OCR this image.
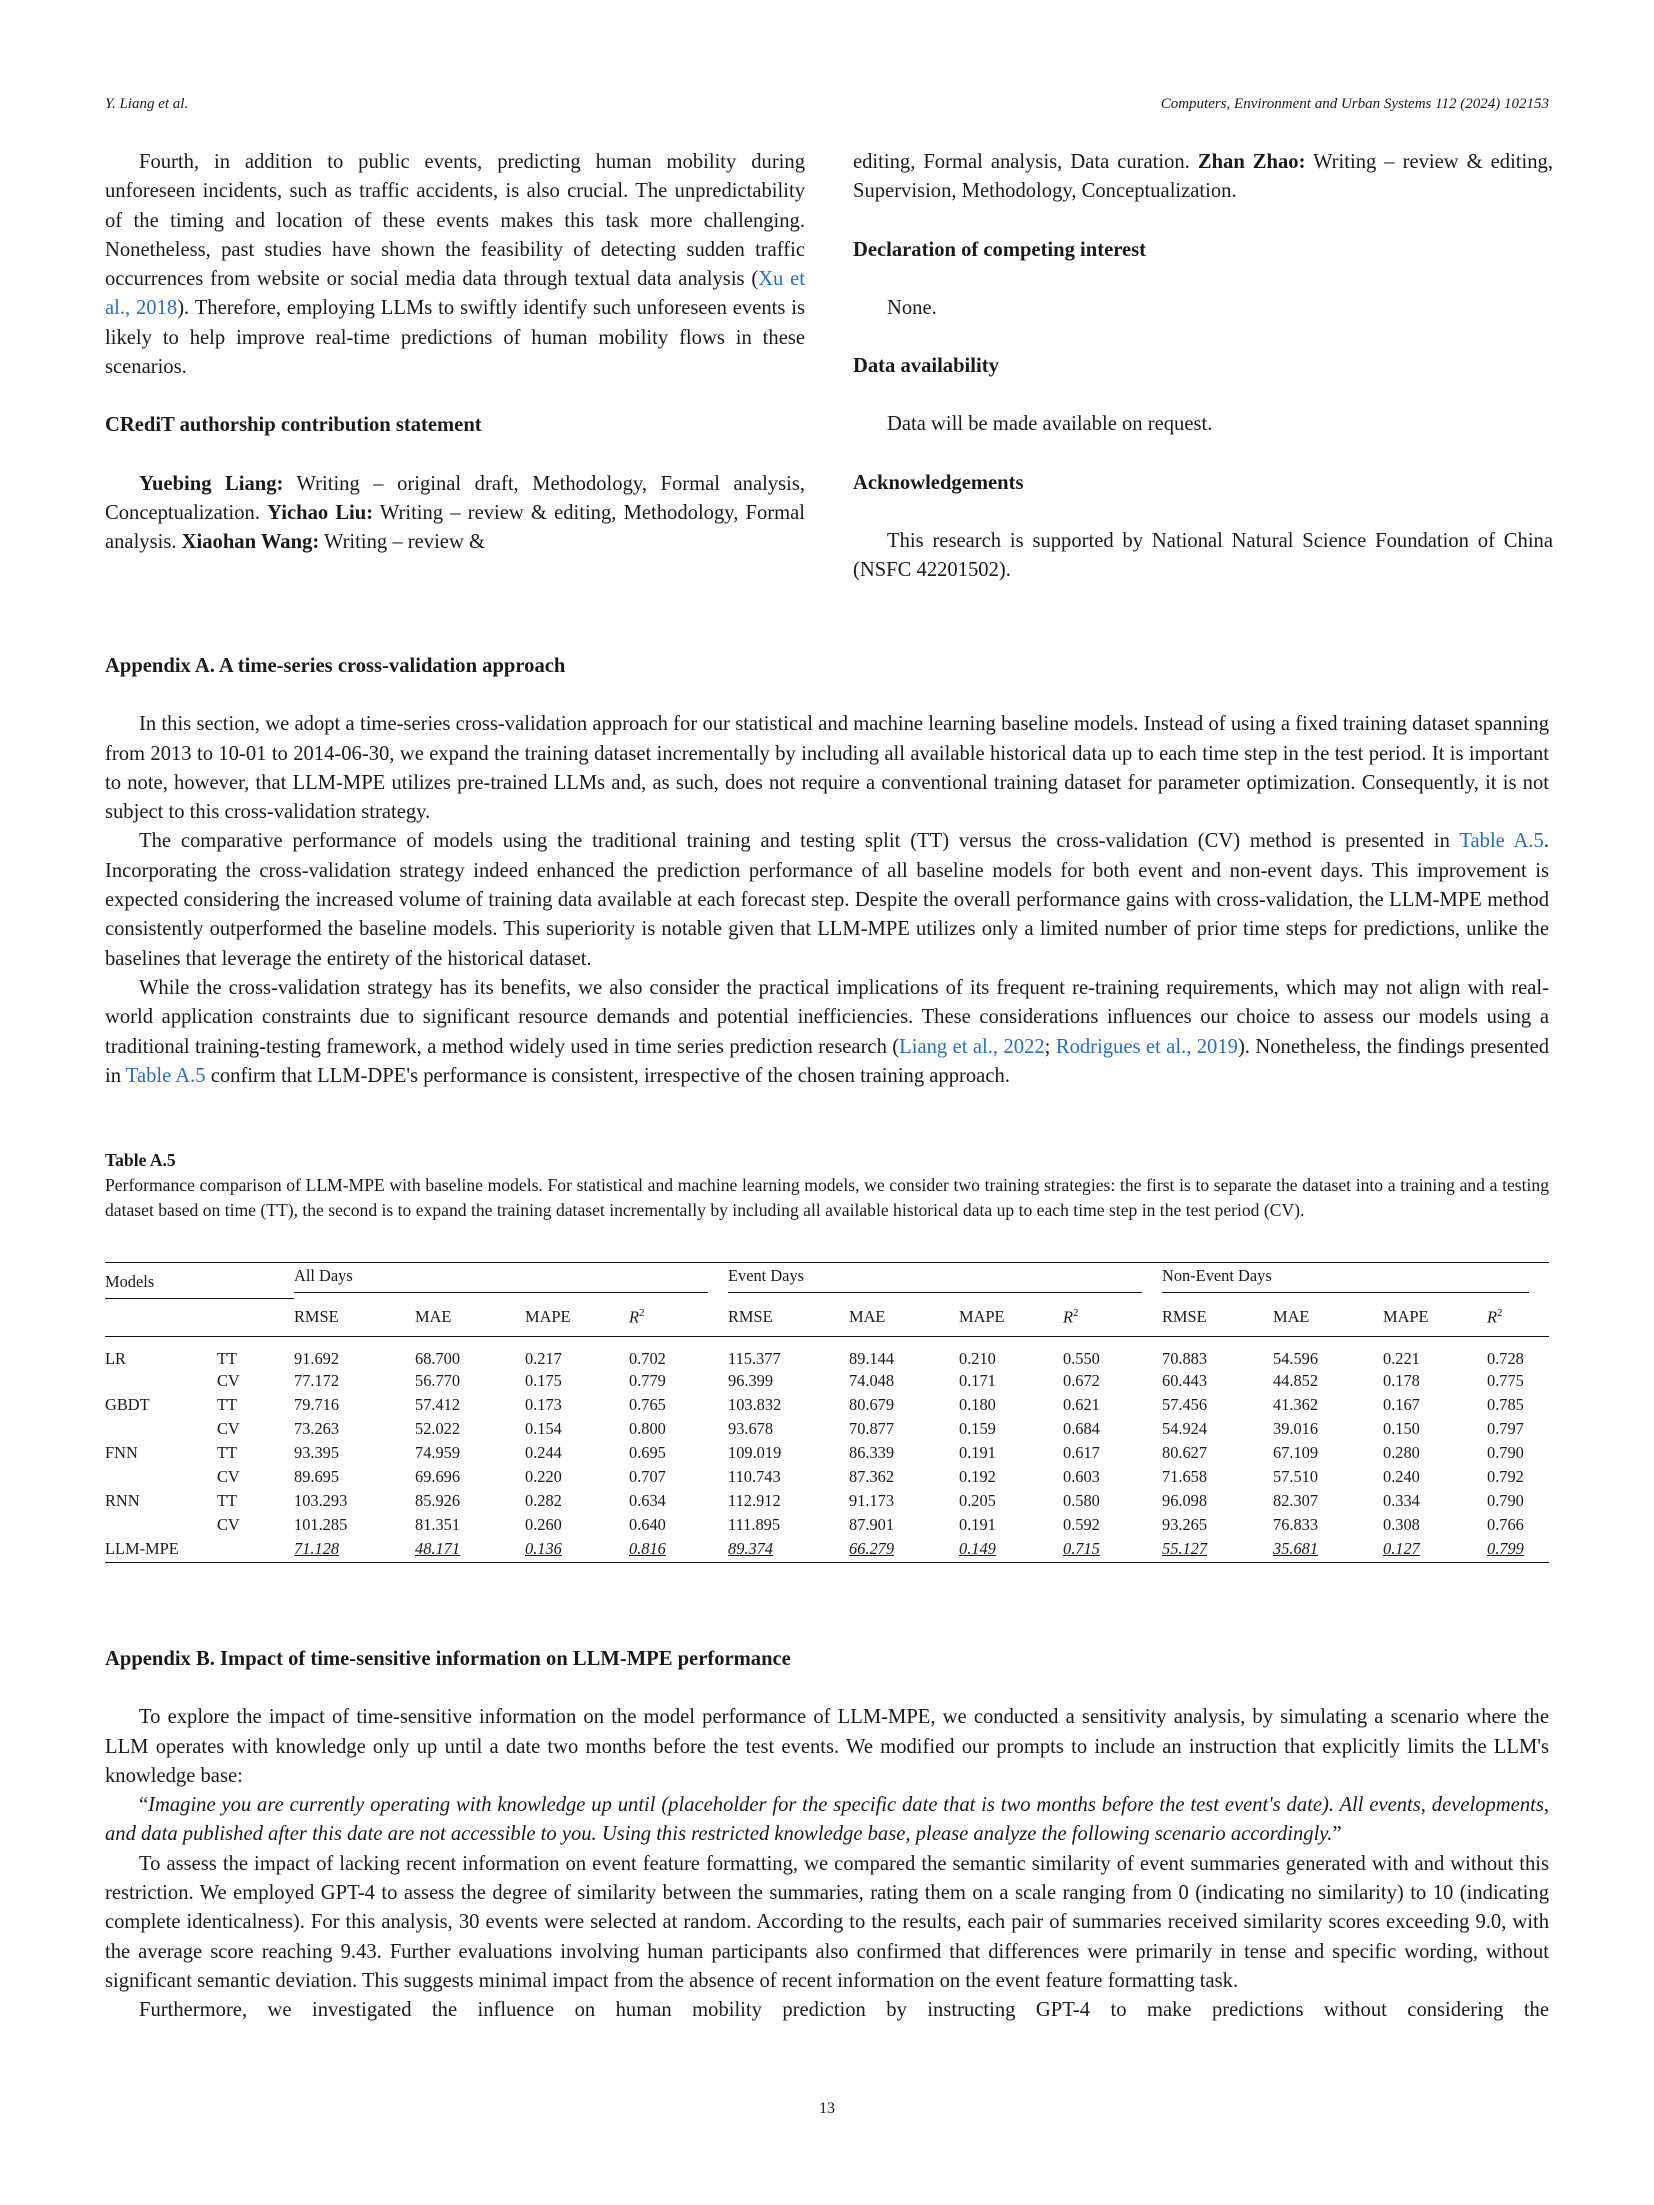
Y. Liang et al.	Computers, Environment and Urban Systems 112 (2024) 102153

Fourth, in addition to public events, predicting human mobility during unforeseen incidents, such as traffic accidents, is also crucial. The unpredictability of the timing and location of these events makes this task more challenging. Nonetheless, past studies have shown the feasibility of detecting sudden traffic occurrences from website or social media data through textual data analysis (Xu et al., 2018). Therefore, employing LLMs to swiftly identify such unforeseen events is likely to help improve real-time predictions of human mobility flows in these scenarios.

CRediT authorship contribution statement

Yuebing Liang: Writing – original draft, Methodology, Formal analysis, Conceptualization. Yichao Liu: Writing – review & editing, Methodology, Formal analysis. Xiaohan Wang: Writing – review &

editing, Formal analysis, Data curation. Zhan Zhao: Writing – review & editing, Supervision, Methodology, Conceptualization.

Declaration of competing interest

None.

Data availability

Data will be made available on request.

Acknowledgements

This research is supported by National Natural Science Foundation of China (NSFC 42201502).

Appendix A. A time-series cross-validation approach

In this section, we adopt a time-series cross-validation approach for our statistical and machine learning baseline models. Instead of using a fixed training dataset spanning from 2013 to 10-01 to 2014-06-30, we expand the training dataset incrementally by including all available historical data up to each time step in the test period. It is important to note, however, that LLM-MPE utilizes pre-trained LLMs and, as such, does not require a conventional training dataset for parameter optimization. Consequently, it is not subject to this cross-validation strategy.

The comparative performance of models using the traditional training and testing split (TT) versus the cross-validation (CV) method is presented in Table A.5. Incorporating the cross-validation strategy indeed enhanced the prediction performance of all baseline models for both event and non-event days. This improvement is expected considering the increased volume of training data available at each forecast step. Despite the overall performance gains with cross-validation, the LLM-MPE method consistently outperformed the baseline models. This superiority is notable given that LLM-MPE utilizes only a limited number of prior time steps for predictions, unlike the baselines that leverage the entirety of the historical dataset.

While the cross-validation strategy has its benefits, we also consider the practical implications of its frequent re-training requirements, which may not align with real-world application constraints due to significant resource demands and potential inefficiencies. These considerations influences our choice to assess our models using a traditional training-testing framework, a method widely used in time series prediction research (Liang et al., 2022; Rodrigues et al., 2019). Nonetheless, the findings presented in Table A.5 confirm that LLM-DPE's performance is consistent, irrespective of the chosen training approach.

Table A.5

Performance comparison of LLM-MPE with baseline models. For statistical and machine learning models, we consider two training strategies: the first is to separate the dataset into a training and a testing dataset based on time (TT), the second is to expand the training dataset incrementally by including all available historical data up to each time step in the test period (CV).

Models		All Days				Event Days				Non-Event Days			

		RMSE	MAE	MAPE	$R^2$	RMSE	MAE	MAPE	$R^2$	RMSE	MAE	MAPE	$R^2$
LR	TT	91.692	68.700	0.217	0.702	115.377	89.144	0.210	0.550	70.883	54.596	0.221	0.728
	CV	77.172	56.770	0.175	0.779	96.399	74.048	0.171	0.672	60.443	44.852	0.178	0.775
GBDT	TT	79.716	57.412	0.173	0.765	103.832	80.679	0.180	0.621	57.456	41.362	0.167	0.785
	CV	73.263	52.022	0.154	0.800	93.678	70.877	0.159	0.684	54.924	39.016	0.150	0.797
FNN	TT	93.395	74.959	0.244	0.695	109.019	86.339	0.191	0.617	80.627	67.109	0.280	0.790
	CV	89.695	69.696	0.220	0.707	110.743	87.362	0.192	0.603	71.658	57.510	0.240	0.792
RNN	TT	103.293	85.926	0.282	0.634	112.912	91.173	0.205	0.580	96.098	82.307	0.334	0.790
	CV	101.285	81.351	0.260	0.640	111.895	87.901	0.191	0.592	93.265	76.833	0.308	0.766
LLM-MPE		71.128	48.171	0.136	0.816	89.374	66.279	0.149	0.715	55.127	35.681	0.127	0.799
Appendix B. Impact of time-sensitive information on LLM-MPE performance

To explore the impact of time-sensitive information on the model performance of LLM-MPE, we conducted a sensitivity analysis, by simulating a scenario where the LLM operates with knowledge only up until a date two months before the test events. We modified our prompts to include an instruction that explicitly limits the LLM's knowledge base:

“Imagine you are currently operating with knowledge up until (placeholder for the specific date that is two months before the test event's date). All events, developments, and data published after this date are not accessible to you. Using this restricted knowledge base, please analyze the following scenario accordingly.”

To assess the impact of lacking recent information on event feature formatting, we compared the semantic similarity of event summaries generated with and without this restriction. We employed GPT-4 to assess the degree of similarity between the summaries, rating them on a scale ranging from 0 (indicating no similarity) to 10 (indicating complete identicalness). For this analysis, 30 events were selected at random. According to the results, each pair of summaries received similarity scores exceeding 9.0, with the average score reaching 9.43. Further evaluations involving human participants also confirmed that differences were primarily in tense and specific wording, without significant semantic deviation. This suggests minimal impact from the absence of recent information on the event feature formatting task.

Furthermore, we investigated the influence on human mobility prediction by instructing GPT-4 to make predictions without considering the

13
